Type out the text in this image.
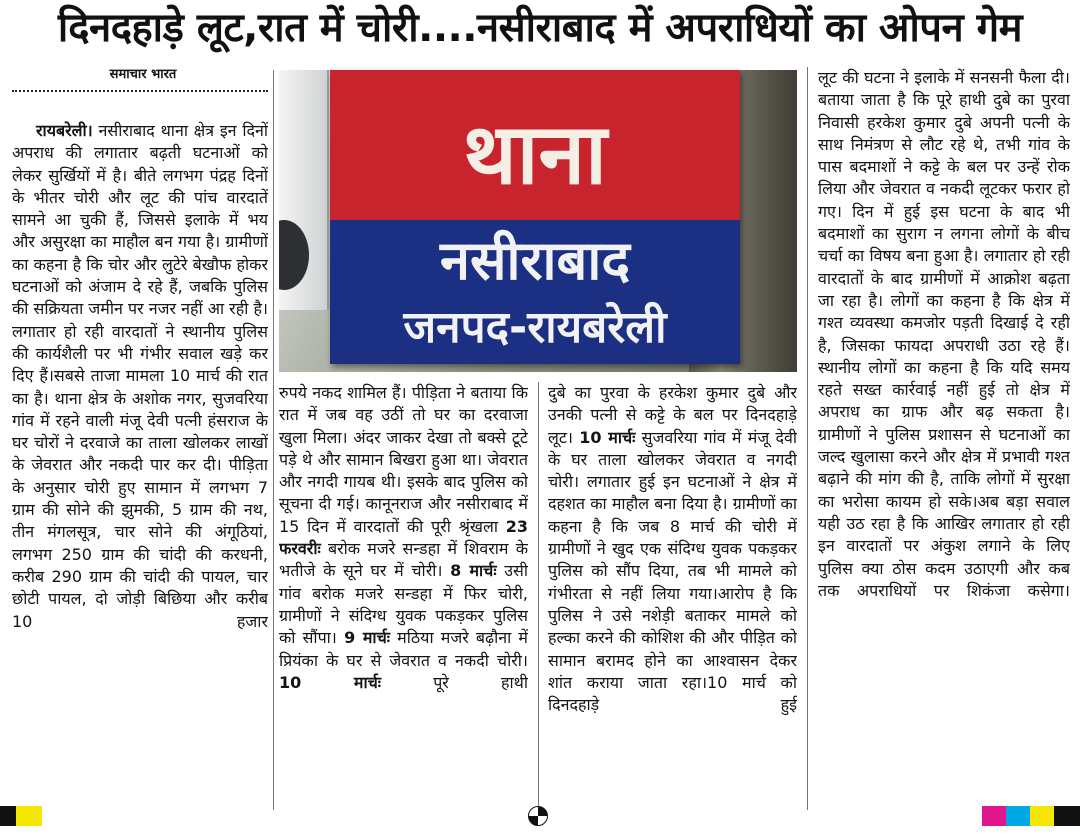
दिनदहाड़े लूट,रात में चोरी....नसीराबाद में अपराधियों का ओपन गेम
समाचार भारत
रायबरेली। नसीराबाद थाना क्षेत्र इन दिनों अपराध की लगातार बढ़ती घटनाओं को लेकर सुर्खियों में है। बीते लगभग पंद्रह दिनों के भीतर चोरी और लूट की पांच वारदातें सामने आ चुकी हैं, जिससे इलाके में भय और असुरक्षा का माहौल बन गया है। ग्रामीणों का कहना है कि चोर और लुटेरे बेखौफ होकर घटनाओं को अंजाम दे रहे हैं, जबकि पुलिस की सक्रियता जमीन पर नजर नहीं आ रही है। लगातार हो रही वारदातों ने स्थानीय पुलिस की कार्यशैली पर भी गंभीर सवाल खड़े कर दिए हैं।सबसे ताजा मामला 10 मार्च की रात का है। थाना क्षेत्र के अशोक नगर, सुजवरिया गांव में रहने वाली मंजू देवी पत्नी हंसराज के घर चोरों ने दरवाजे का ताला खोलकर लाखों के जेवरात और नकदी पार कर दी। पीड़िता के अनुसार चोरी हुए सामान में लगभग 7 ग्राम की सोने की झुमकी, 5 ग्राम की नथ, तीन मंगलसूत्र, चार सोने की अंगूठियां, लगभग 250 ग्राम की चांदी की करधनी, करीब 290 ग्राम की चांदी की पायल, चार छोटी पायल, दो जोड़ी बिछिया और करीब 10 हजार
थाना
नसीराबाद
जनपद-रायबरेली
रुपये नकद शामिल हैं। पीड़िता ने बताया कि रात में जब वह उठीं तो घर का दरवाजा खुला मिला। अंदर जाकर देखा तो बक्से टूटे पड़े थे और सामान बिखरा हुआ था। जेवरात और नगदी गायब थी। इसके बाद पुलिस को सूचना दी गई। कानूनराज और नसीराबाद में 15 दिन में वारदातों की पूरी श्रृंखला 23 फरवरीः बरोक मजरे सन्डहा में शिवराम के भतीजे के सूने घर में चोरी। 8 मार्चः उसी गांव बरोक मजरे सन्डहा में फिर चोरी, ग्रामीणों ने संदिग्ध युवक पकड़कर पुलिस को सौंपा। 9 मार्चः मठिया मजरे बढ़ौना में प्रियंका के घर से जेवरात व नकदी चोरी। 10 मार्चः पूरे हाथी
दुबे का पुरवा के हरकेश कुमार दुबे और उनकी पत्नी से कट्टे के बल पर दिनदहाड़े लूट। 10 मार्चः सुजवरिया गांव में मंजू देवी के घर ताला खोलकर जेवरात व नगदी चोरी। लगातार हुई इन घटनाओं ने क्षेत्र में दहशत का माहौल बना दिया है। ग्रामीणों का कहना है कि जब 8 मार्च की चोरी में ग्रामीणों ने खुद एक संदिग्ध युवक पकड़कर पुलिस को सौंप दिया, तब भी मामले को गंभीरता से नहीं लिया गया।आरोप है कि पुलिस ने उसे नशेड़ी बताकर मामले को हल्का करने की कोशिश की और पीड़ित को सामान बरामद होने का आश्वासन देकर शांत कराया जाता रहा।10 मार्च को दिनदहाड़े हुई
लूट की घटना ने इलाके में सनसनी फैला दी। बताया जाता है कि पूरे हाथी दुबे का पुरवा निवासी हरकेश कुमार दुबे अपनी पत्नी के साथ निमंत्रण से लौट रहे थे, तभी गांव के पास बदमाशों ने कट्टे के बल पर उन्हें रोक लिया और जेवरात व नकदी लूटकर फरार हो गए। दिन में हुई इस घटना के बाद भी बदमाशों का सुराग न लगना लोगों के बीच चर्चा का विषय बना हुआ है। लगातार हो रही वारदातों के बाद ग्रामीणों में आक्रोश बढ़ता जा रहा है। लोगों का कहना है कि क्षेत्र में गश्त व्यवस्था कमजोर पड़ती दिखाई दे रही है, जिसका फायदा अपराधी उठा रहे हैं। स्थानीय लोगों का कहना है कि यदि समय रहते सख्त कार्रवाई नहीं हुई तो क्षेत्र में अपराध का ग्राफ और बढ़ सकता है। ग्रामीणों ने पुलिस प्रशासन से घटनाओं का जल्द खुलासा करने और क्षेत्र में प्रभावी गश्त बढ़ाने की मांग की है, ताकि लोगों में सुरक्षा का भरोसा कायम हो सके।अब बड़ा सवाल यही उठ रहा है कि आखिर लगातार हो रही इन वारदातों पर अंकुश लगाने के लिए पुलिस क्या ठोस कदम उठाएगी और कब तक अपराधियों पर शिकंजा कसेगा।
